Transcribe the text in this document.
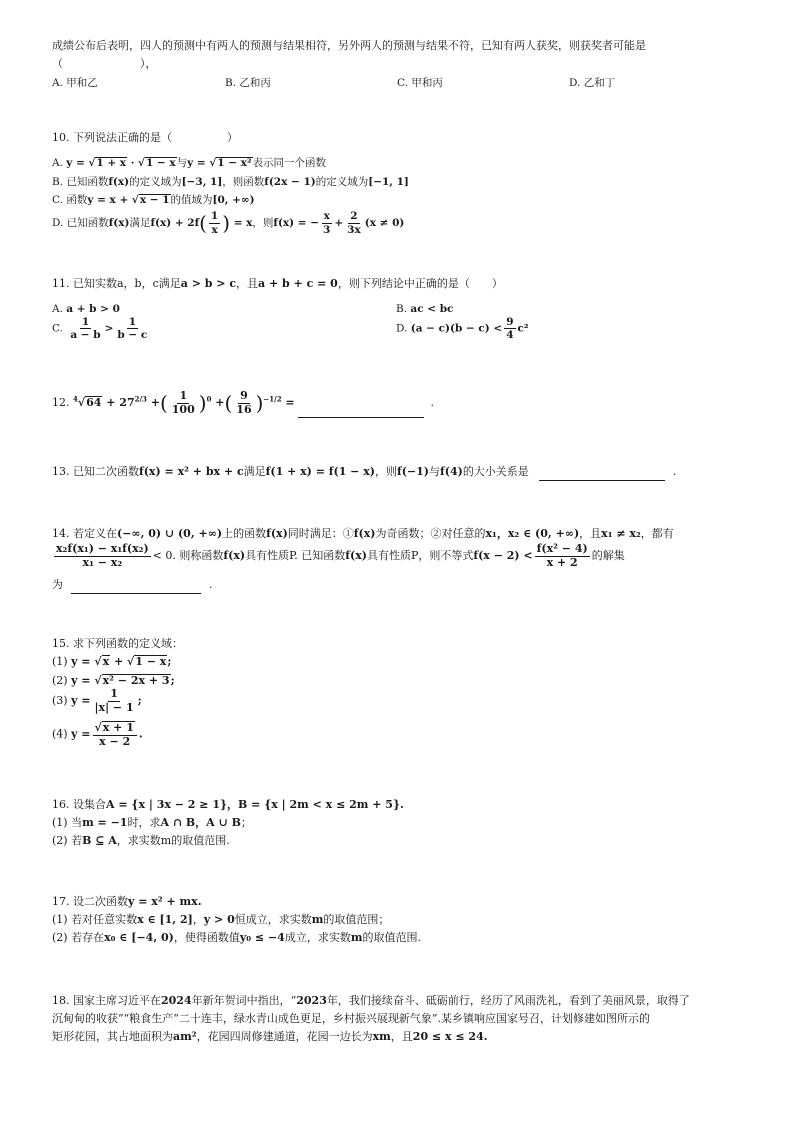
成绩公布后表明，四人的预测中有两人的预测与结果相符，另外两人的预测与结果不符，已知有两人获奖，则获奖者可能是
（　　　　　　　），
A. 甲和乙	B. 乙和丙	C. 甲和丙	D. 乙和丁
10. 下列说法正确的是（　　　　　）
A. y = √1 + x · √1 − x与y = √1 − x²表示同一个函数
B. 已知函数f(x)的定义域为[−3, 1]，则函数f(2x − 1)的定义域为[−1, 1]
C. 函数y = x + √x − 1的值域为[0, +∞)
D. 已知函数f(x)满足$f(x) + 2f( \frac{1}{x}$ ) = x，则f(x) = − $\frac{x}{3} + \frac{2}{3x} (x \ne 0)$
11. 已知实数a，b，c满足a > b > c，且a + b + c = 0，则下列结论中正确的是（　　）
A. a + b > 0	B. ac < bc
C. $\frac{1}{a - b} > \frac{1}{b - c}$	D. $(a - c)(b - c) < \frac{9}{4} c^2$
12. $^4√64 + 27^{2/3}$ +( $\frac{1}{100} )^0$ +( $\frac{9}{16} )^{-1/2}$ =	.
13. 已知二次函数f(x) = x² + bx + c满足f(1 + x) = f(1 − x)，则f(−1)与f(4)的大小关系是	.
14. 若定义在(−∞, 0) ∪ (0, +∞)上的函数f(x)同时满足：①f(x)为奇函数；②对任意的x₁，x₂ ∈ (0, +∞)，且x₁ ≠ x₂，都有
$\frac{\text{x₂f(x₁) − x₁f(x₂)}}{\text{x₁ − x₂}} < 0$. 则称函数f(x)具有性质P. 已知函数f(x)具有性质P，则不等式$f(x - 2) < \frac{\text{f(x² − 4)}}{x + 2}$ 的解集
为	.
15. 求下列函数的定义域：
(1) y = √x + √1 − x;
(2) y = √x² − 2x + 3;
(3) $y = \frac{1}{|x| - 1}$ ;
(4) $y = \frac{√x + 1}{x - 2}$ .
16. 设集合A = {x | 3x − 2 ≥ 1}，B = {x | 2m < x ≤ 2m + 5}.
(1) 当m = −1时，求A ∩ B，A ∪ B；
(2) 若B ⊆ A，求实数m的取值范围.
17. 设二次函数y = x² + mx.
(1) 若对任意实数x ∈ [1, 2]，y > 0恒成立，求实数m的取值范围；
(2) 若存在x₀ ∈ [−4, 0)，使得函数值y₀ ≤ −4成立，求实数m的取值范围.
18. 国家主席习近平在2024年新年贺词中指出，“2023年，我们接续奋斗、砥砺前行，经历了风雨洗礼，看到了美丽风景，取得了
沉甸甸的收获”“粮食生产“二十连丰，绿水青山成色更足，乡村振兴展现新气象”.某乡镇响应国家号召，计划修建如图所示的
矩形花园，其占地面积为am²，花园四周修建通道，花园一边长为xm，且20 ≤ x ≤ 24.
